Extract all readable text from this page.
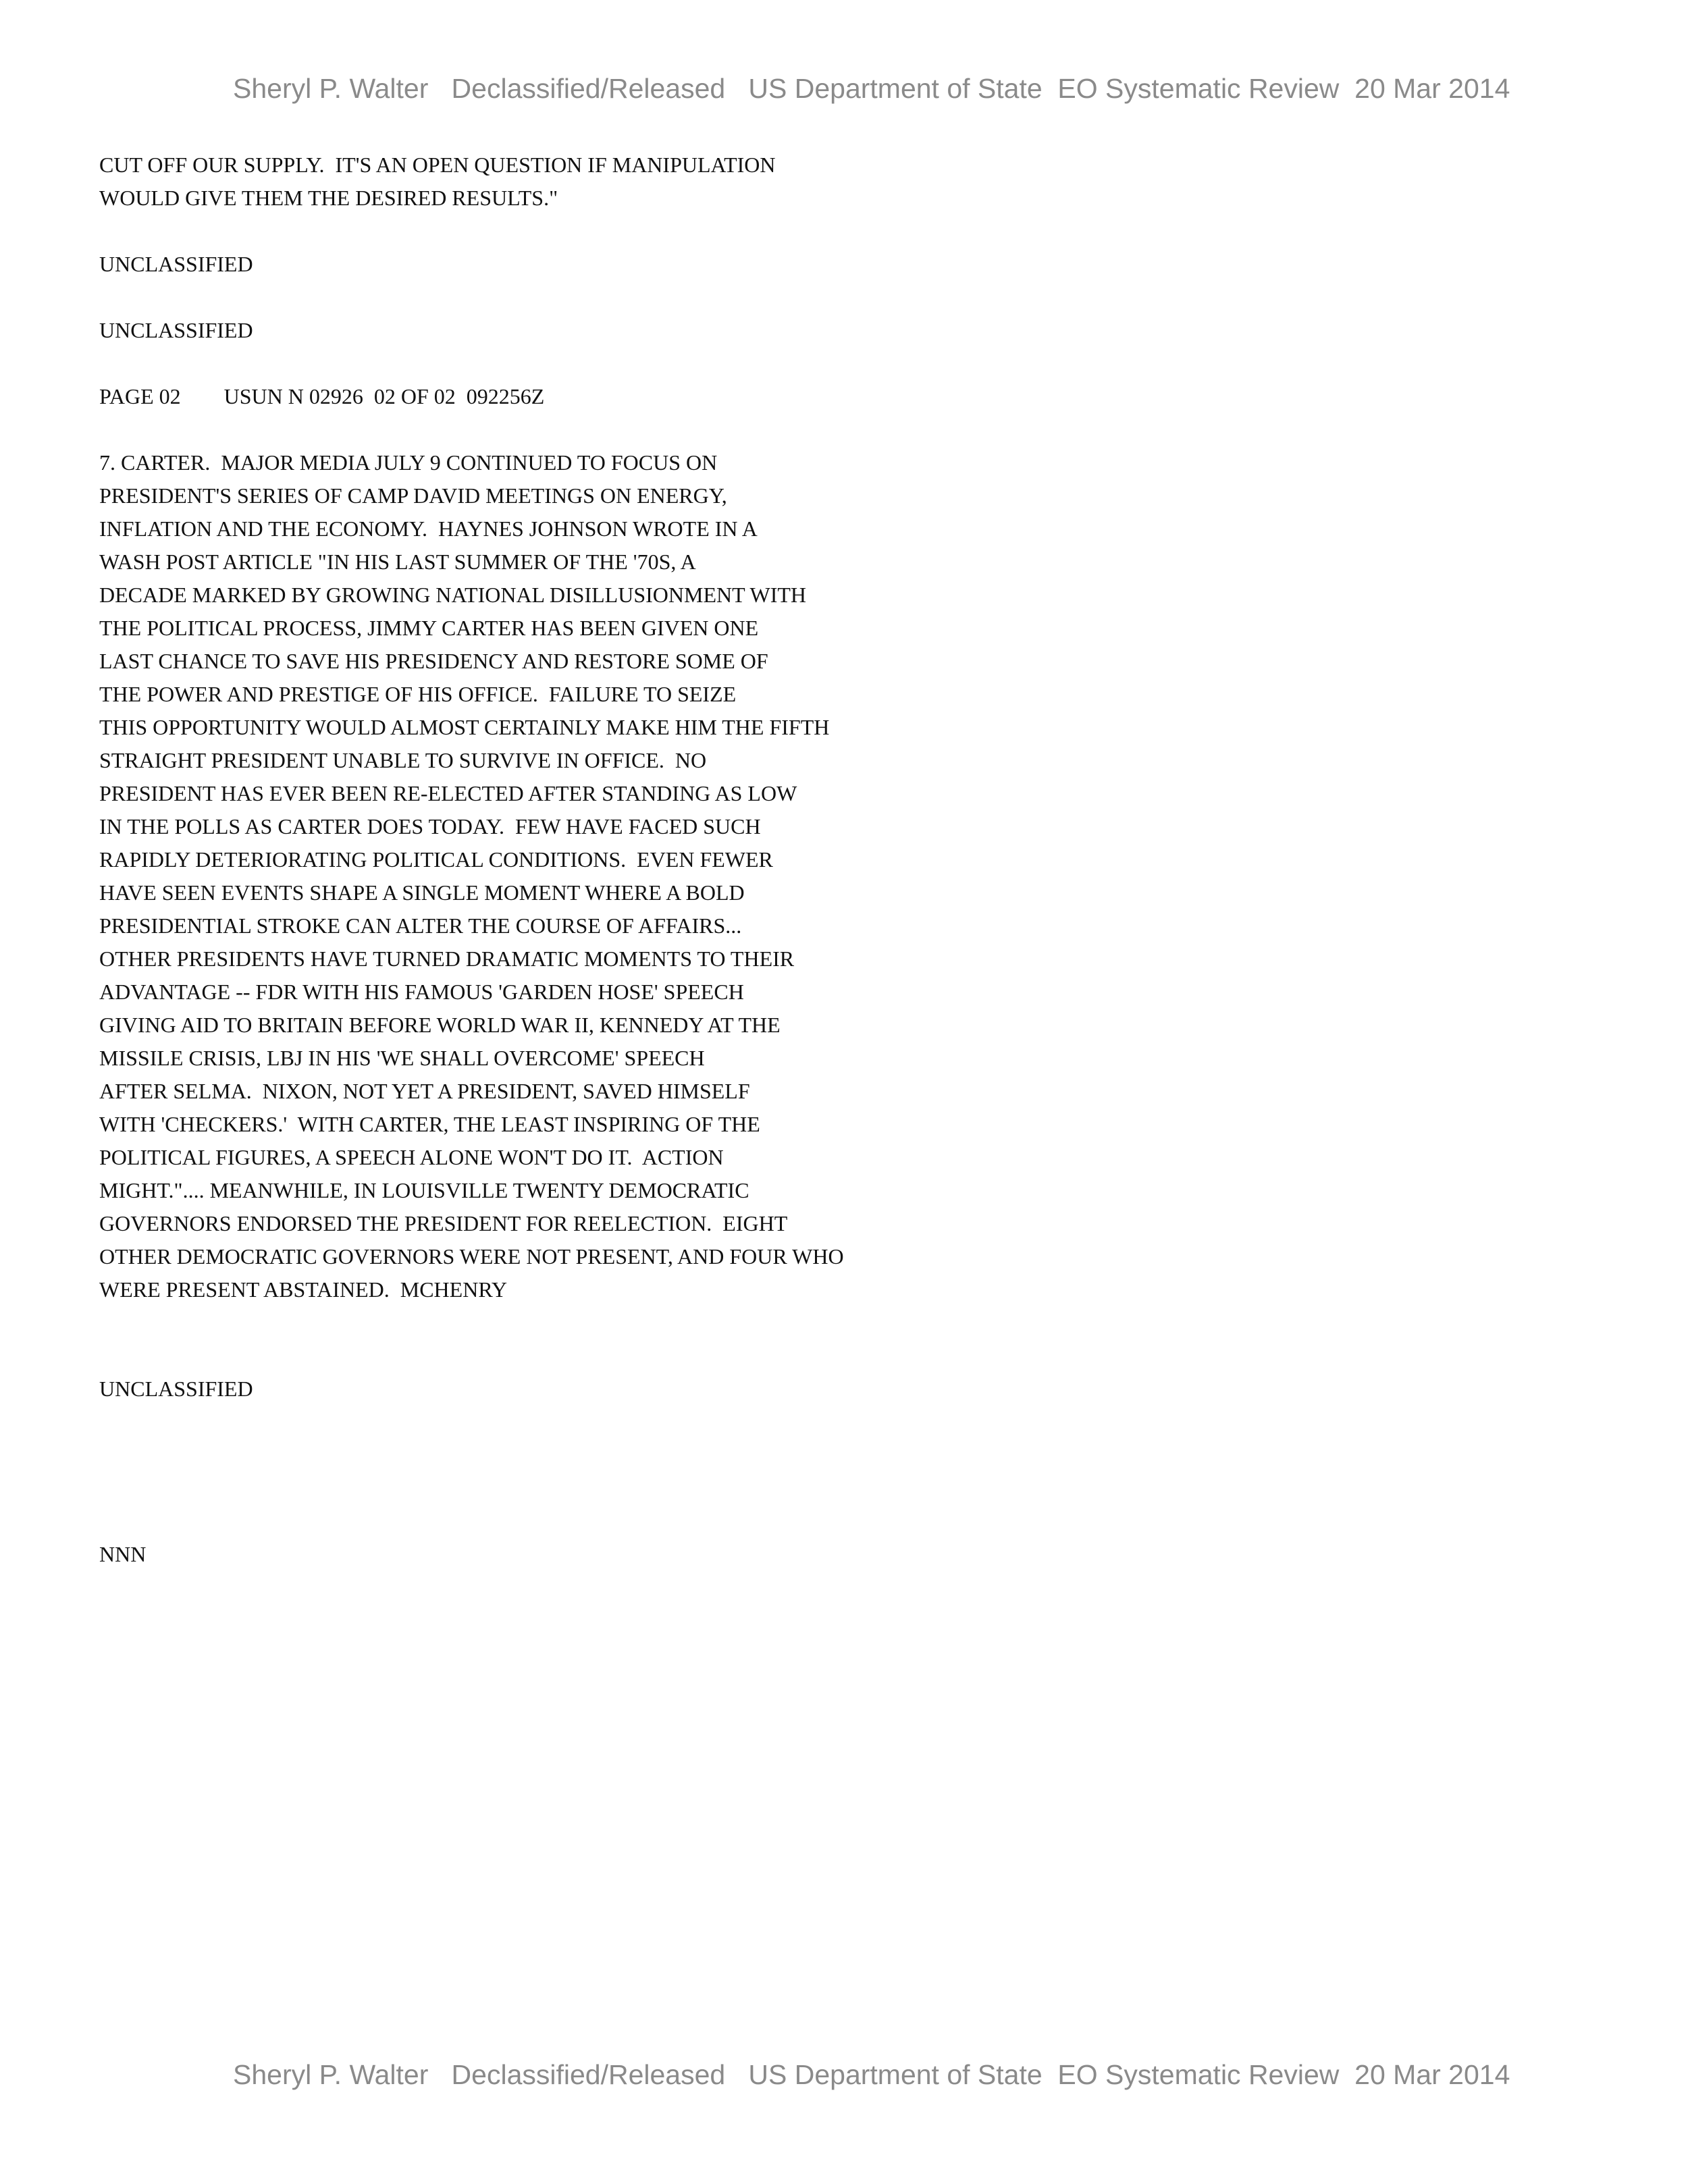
Sheryl P. Walter   Declassified/Released   US Department of State  EO Systematic Review  20 Mar 2014
CUT OFF OUR SUPPLY.  IT'S AN OPEN QUESTION IF MANIPULATION
WOULD GIVE THEM THE DESIRED RESULTS."
UNCLASSIFIED
UNCLASSIFIED
PAGE 02        USUN N 02926  02 OF 02  092256Z
7. CARTER.  MAJOR MEDIA JULY 9 CONTINUED TO FOCUS ON
PRESIDENT'S SERIES OF CAMP DAVID MEETINGS ON ENERGY,
INFLATION AND THE ECONOMY.  HAYNES JOHNSON WROTE IN A
WASH POST ARTICLE "IN HIS LAST SUMMER OF THE '70S, A
DECADE MARKED BY GROWING NATIONAL DISILLUSIONMENT WITH
THE POLITICAL PROCESS, JIMMY CARTER HAS BEEN GIVEN ONE
LAST CHANCE TO SAVE HIS PRESIDENCY AND RESTORE SOME OF
THE POWER AND PRESTIGE OF HIS OFFICE.  FAILURE TO SEIZE
THIS OPPORTUNITY WOULD ALMOST CERTAINLY MAKE HIM THE FIFTH
STRAIGHT PRESIDENT UNABLE TO SURVIVE IN OFFICE.  NO
PRESIDENT HAS EVER BEEN RE-ELECTED AFTER STANDING AS LOW
IN THE POLLS AS CARTER DOES TODAY.  FEW HAVE FACED SUCH
RAPIDLY DETERIORATING POLITICAL CONDITIONS.  EVEN FEWER
HAVE SEEN EVENTS SHAPE A SINGLE MOMENT WHERE A BOLD
PRESIDENTIAL STROKE CAN ALTER THE COURSE OF AFFAIRS...
OTHER PRESIDENTS HAVE TURNED DRAMATIC MOMENTS TO THEIR
ADVANTAGE -- FDR WITH HIS FAMOUS 'GARDEN HOSE' SPEECH
GIVING AID TO BRITAIN BEFORE WORLD WAR II, KENNEDY AT THE
MISSILE CRISIS, LBJ IN HIS 'WE SHALL OVERCOME' SPEECH
AFTER SELMA.  NIXON, NOT YET A PRESIDENT, SAVED HIMSELF
WITH 'CHECKERS.'  WITH CARTER, THE LEAST INSPIRING OF THE
POLITICAL FIGURES, A SPEECH ALONE WON'T DO IT.  ACTION
MIGHT.".... MEANWHILE, IN LOUISVILLE TWENTY DEMOCRATIC
GOVERNORS ENDORSED THE PRESIDENT FOR REELECTION.  EIGHT
OTHER DEMOCRATIC GOVERNORS WERE NOT PRESENT, AND FOUR WHO
WERE PRESENT ABSTAINED.  MCHENRY
UNCLASSIFIED
NNN
Sheryl P. Walter   Declassified/Released   US Department of State  EO Systematic Review  20 Mar 2014
